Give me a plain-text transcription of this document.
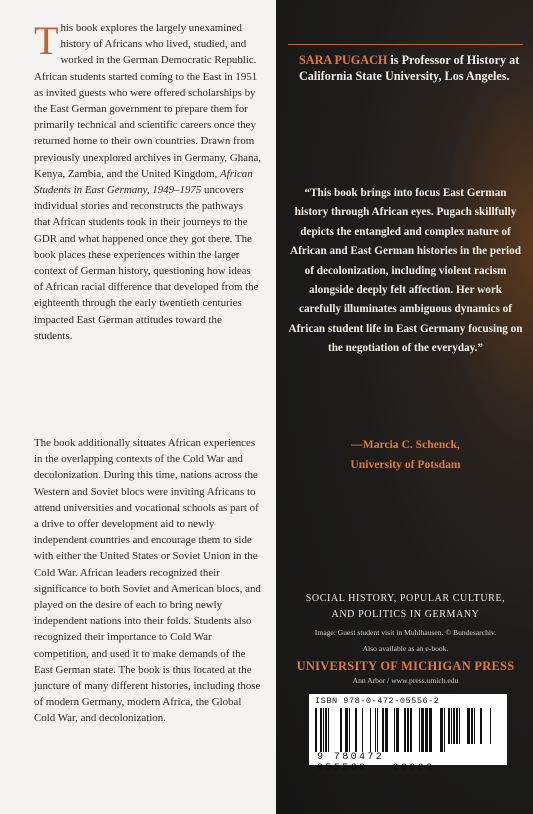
This book explores the largely unexamined history of Africans who lived, studied, and worked in the German Democratic Republic. African students started coming to the East in 1951 as invited guests who were offered scholarships by the East German government to prepare them for primarily technical and scientific careers once they returned home to their own countries. Drawn from previously unexplored archives in Germany, Ghana, Kenya, Zambia, and the United Kingdom, African Students in East Germany, 1949–1975 uncovers individual stories and reconstructs the pathways that African students took in their journeys to the GDR and what happened once they got there. The book places these experiences within the larger context of German history, questioning how ideas of African racial difference that developed from the eighteenth through the early twentieth centuries impacted East German attitudes toward the students.

The book additionally situates African experiences in the overlapping contexts of the Cold War and decolonization. During this time, nations across the Western and Soviet blocs were inviting Africans to attend universities and vocational schools as part of a drive to offer development aid to newly independent countries and encourage them to side with either the United States or Soviet Union in the Cold War. African leaders recognized their significance to both Soviet and American blocs, and played on the desire of each to bring newly independent nations into their folds. Students also recognized their importance to Cold War competition, and used it to make demands of the East German state. The book is thus located at the juncture of many different histories, including those of modern Germany, modern Africa, the Global Cold War, and decolonization.

SARA PUGACH is Professor of History at California State University, Los Angeles.

“This book brings into focus East German history through African eyes. Pugach skillfully depicts the entangled and complex nature of African and East German histories in the period of decolonization, including violent racism alongside deeply felt affection. Her work carefully illuminates ambiguous dynamics of African student life in East Germany focusing on the negotiation of the everyday.”

—Marcia C. Schenck,
University of Potsdam
SOCIAL HISTORY, POPULAR CULTURE,
AND POLITICS IN GERMANY
Image: Guest student visit in Muhlhausen. © Bundesarchiv.
Also available as an e-book.
UNIVERSITY OF MICHIGAN PRESS
Ann Arbor / www.press.umich.edu
ISBN 978-0-472-05556-2
9 780472 055562	90000
